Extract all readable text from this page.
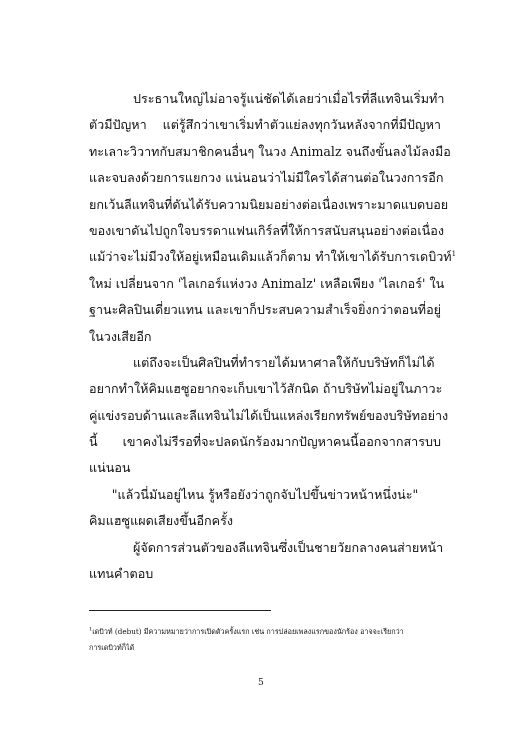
ประธานใหญ่ไม่อาจรู้แน่ชัดได้เลยว่าเมื่อไรที่ลีแทจินเริ่มทำ
ตัวมีปัญหา แต่รู้สึกว่าเขาเริ่มทำตัวแย่ลงทุกวันหลังจากที่มีปัญหา
ทะเลาะวิวาทกับสมาชิกคนอื่นๆ ในวง Animalz จนถึงขั้นลงไม้ลงมือ
และจบลงด้วยการแยกวง แน่นอนว่าไม่มีใครได้สานต่อในวงการอีก
ยกเว้นลีแทจินที่ดันได้รับความนิยมอย่างต่อเนื่องเพราะมาดแบดบอย
ของเขาดันไปถูกใจบรรดาแฟนเกิร์ลที่ให้การสนับสนุนอย่างต่อเนื่อง
แม้ว่าจะไม่มีวงให้อยู่เหมือนเดิมแล้วก็ตาม ทำให้เขาได้รับการเดบิวท์$^1$
ใหม่ เปลี่ยนจาก 'ไลเกอร์แห่งวง Animalz' เหลือเพียง 'ไลเกอร์' ใน
ฐานะศิลปินเดี่ยวแทน และเขาก็ประสบความสำเร็จยิ่งกว่าตอนที่อยู่
ในวงเสียอีก
แต่ถึงจะเป็นศิลปินที่ทำรายได้มหาศาลให้กับบริษัทก็ไม่ได้
อยากทำให้คิมแฮซูอยากจะเก็บเขาไว้สักนิด ถ้าบริษัทไม่อยู่ในภาวะ
คู่แข่งรอบด้านและลีแทจินไม่ได้เป็นแหล่งเรียกทรัพย์ของบริษัทอย่าง
นี้ เขาคงไม่รีรอที่จะปลดนักร้องมากปัญหาคนนี้ออกจากสารบบ
แน่นอน
"แล้วนี่มันอยู่ไหน รู้หรือยังว่าถูกจับไปขึ้นข่าวหน้าหนึ่งน่ะ"
คิมแฮซูแผดเสียงขึ้นอีกครั้ง
ผู้จัดการส่วนตัวของลีแทจินซึ่งเป็นชายวัยกลางคนส่ายหน้า
แทนคำตอบ
$^1$เดบิวท์ (debut) มีความหมายว่าการเปิดตัวครั้งแรก เช่น การปล่อยเพลงแรกของนักร้อง อาจจะเรียกว่า
การเดบิวท์ก็ได้
5
